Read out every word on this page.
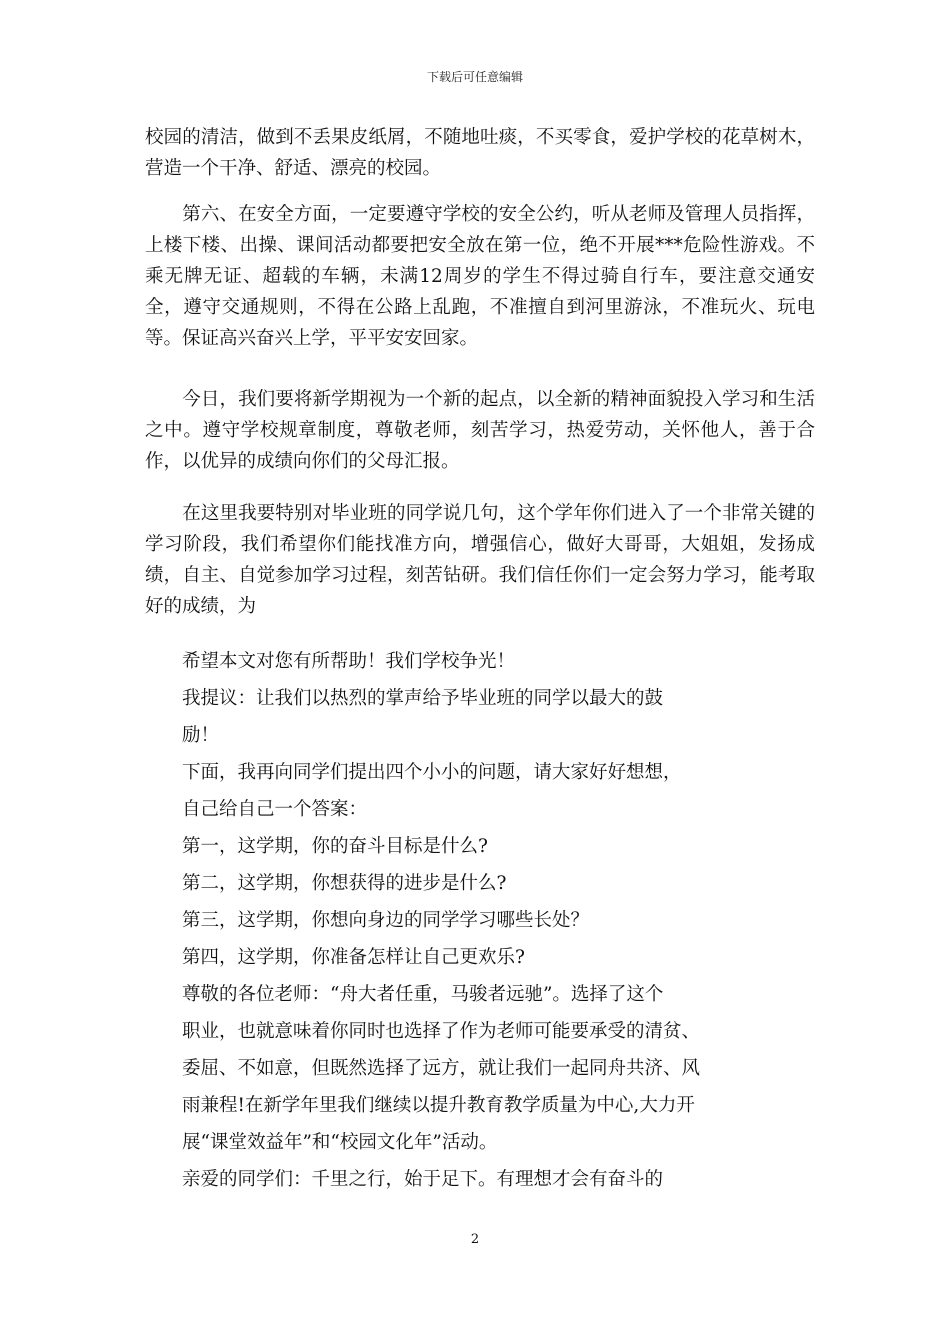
下载后可任意编辑

校园的清洁，做到不丢果皮纸屑，不随地吐痰，不买零食，爱护学校的花草树木，营造一个干净、舒适、漂亮的校园。

　　第六、在安全方面，一定要遵守学校的安全公约，听从老师及管理人员指挥，上楼下楼、出操、课间活动都要把安全放在第一位，绝不开展***危险性游戏。不乘无牌无证、超载的车辆，未满12周岁的学生不得过骑自行车，要注意交通安全，遵守交通规则，不得在公路上乱跑，不准擅自到河里游泳，不准玩火、玩电等。保证高兴奋兴上学，平平安安回家。

　　今日，我们要将新学期视为一个新的起点，以全新的精神面貌投入学习和生活之中。遵守学校规章制度，尊敬老师，刻苦学习，热爱劳动，关怀他人，善于合作，以优异的成绩向你们的父母汇报。

　　在这里我要特别对毕业班的同学说几句，这个学年你们进入了一个非常关键的学习阶段，我们希望你们能找准方向，增强信心，做好大哥哥，大姐姐，发扬成绩，自主、自觉参加学习过程，刻苦钻研。我们信任你们一定会努力学习，能考取好的成绩，为

希望本文对您有所帮助！我们学校争光！

我提议：让我们以热烈的掌声给予毕业班的同学以最大的鼓

励！

下面，我再向同学们提出四个小小的问题，请大家好好想想，

自己给自己一个答案：

第一，这学期，你的奋斗目标是什么?

第二，这学期，你想获得的进步是什么?

第三，这学期，你想向身边的同学学习哪些长处？

第四，这学期，你准备怎样让自己更欢乐?

尊敬的各位老师：“舟大者任重，马骏者远驰”。选择了这个

职业，也就意味着你同时也选择了作为老师可能要承受的清贫、

委屈、不如意，但既然选择了远方，就让我们一起同舟共济、风

雨兼程!在新学年里我们继续以提升教育教学质量为中心,大力开

展“课堂效益年”和“校园文化年”活动。

亲爱的同学们：千里之行，始于足下。有理想才会有奋斗的

2
